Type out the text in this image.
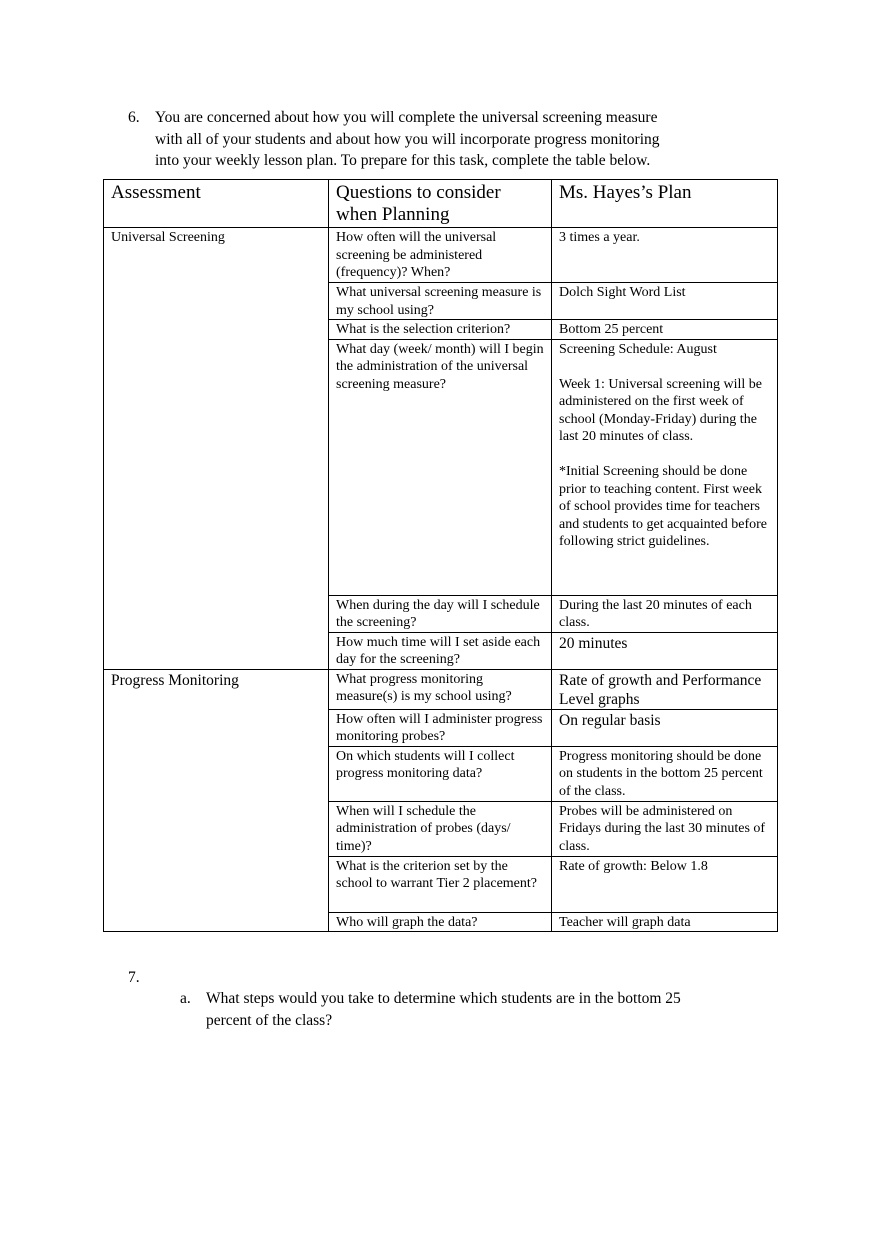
6. You are concerned about how you will complete the universal screening measure
with all of your students and about how you will incorporate progress monitoring
into your weekly lesson plan. To prepare for this task, complete the table below.
Assessment	Questions to consider when Planning	Ms. Hayes’s Plan
Universal Screening	How often will the universal screening be administered (frequency)? When?	3 times a year.
	What universal screening measure is my school using?	Dolch Sight Word List
	What is the selection criterion?	Bottom 25 percent
	What day (week/ month) will I begin the administration of the universal screening measure?	Screening Schedule: August
Week 1: Universal screening will be administered on the first week of school (Monday-Friday) during the last 20 minutes of class.
*Initial Screening should be done prior to teaching content. First week of school provides time for teachers and students to get acquainted before following strict guidelines.
	When during the day will I schedule the screening?	During the last 20 minutes of each class.
	How much time will I set aside each day for the screening?	20 minutes
Progress Monitoring	What progress monitoring measure(s) is my school using?	Rate of growth and Performance Level graphs
	How often will I administer progress monitoring probes?	On regular basis
	On which students will I collect progress monitoring data?	Progress monitoring should be done on students in the bottom 25 percent of the class.
	When will I schedule the administration of probes (days/ time)?	Probes will be administered on Fridays during the last 30 minutes of class.
	What is the criterion set by the school to warrant Tier 2 placement?	Rate of growth: Below 1.8
	Who will graph the data?	Teacher will graph data
7.
a. What steps would you take to determine which students are in the bottom 25
percent of the class?
